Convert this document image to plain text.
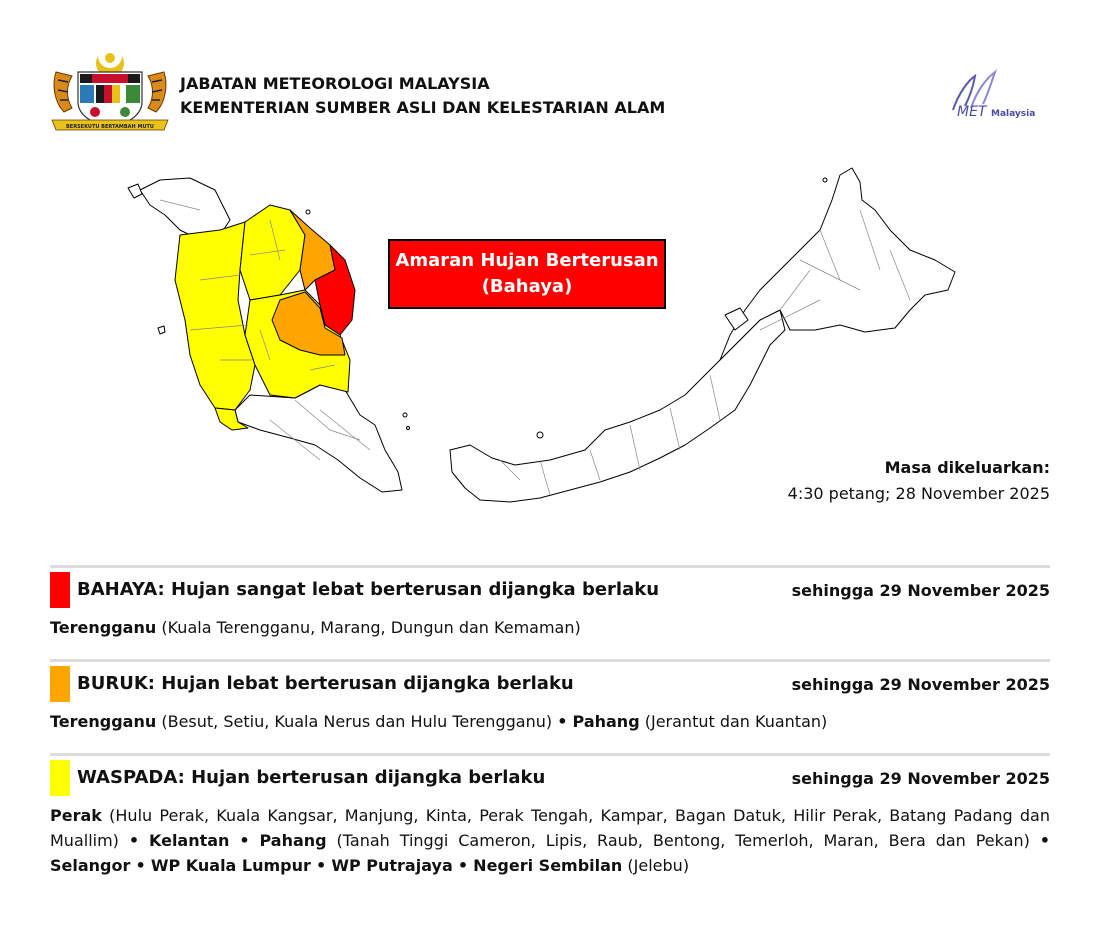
BERSEKUTU BERTAMBAH MUTU
JABATAN METEOROLOGI MALAYSIA
KEMENTERIAN SUMBER ASLI DAN KELESTARIAN ALAM	MET Malaysia
Amaran Hujan Berterusan
(Bahaya)
Masa dikeluarkan:
4:30 petang; 28 November 2025
BAHAYA: Hujan sangat lebat berterusan dijangka berlaku	sehingga 29 November 2025
Terengganu (Kuala Terengganu, Marang, Dungun dan Kemaman)
BURUK: Hujan lebat berterusan dijangka berlaku	sehingga 29 November 2025
Terengganu (Besut, Setiu, Kuala Nerus dan Hulu Terengganu) • Pahang (Jerantut dan Kuantan)
WASPADA: Hujan berterusan dijangka berlaku	sehingga 29 November 2025
Perak (Hulu Perak, Kuala Kangsar, Manjung, Kinta, Perak Tengah, Kampar, Bagan Datuk, Hilir Perak, Batang Padang dan Muallim) • Kelantan • Pahang (Tanah Tinggi Cameron, Lipis, Raub, Bentong, Temerloh, Maran, Bera dan Pekan) • Selangor • WP Kuala Lumpur • WP Putrajaya • Negeri Sembilan (Jelebu)
